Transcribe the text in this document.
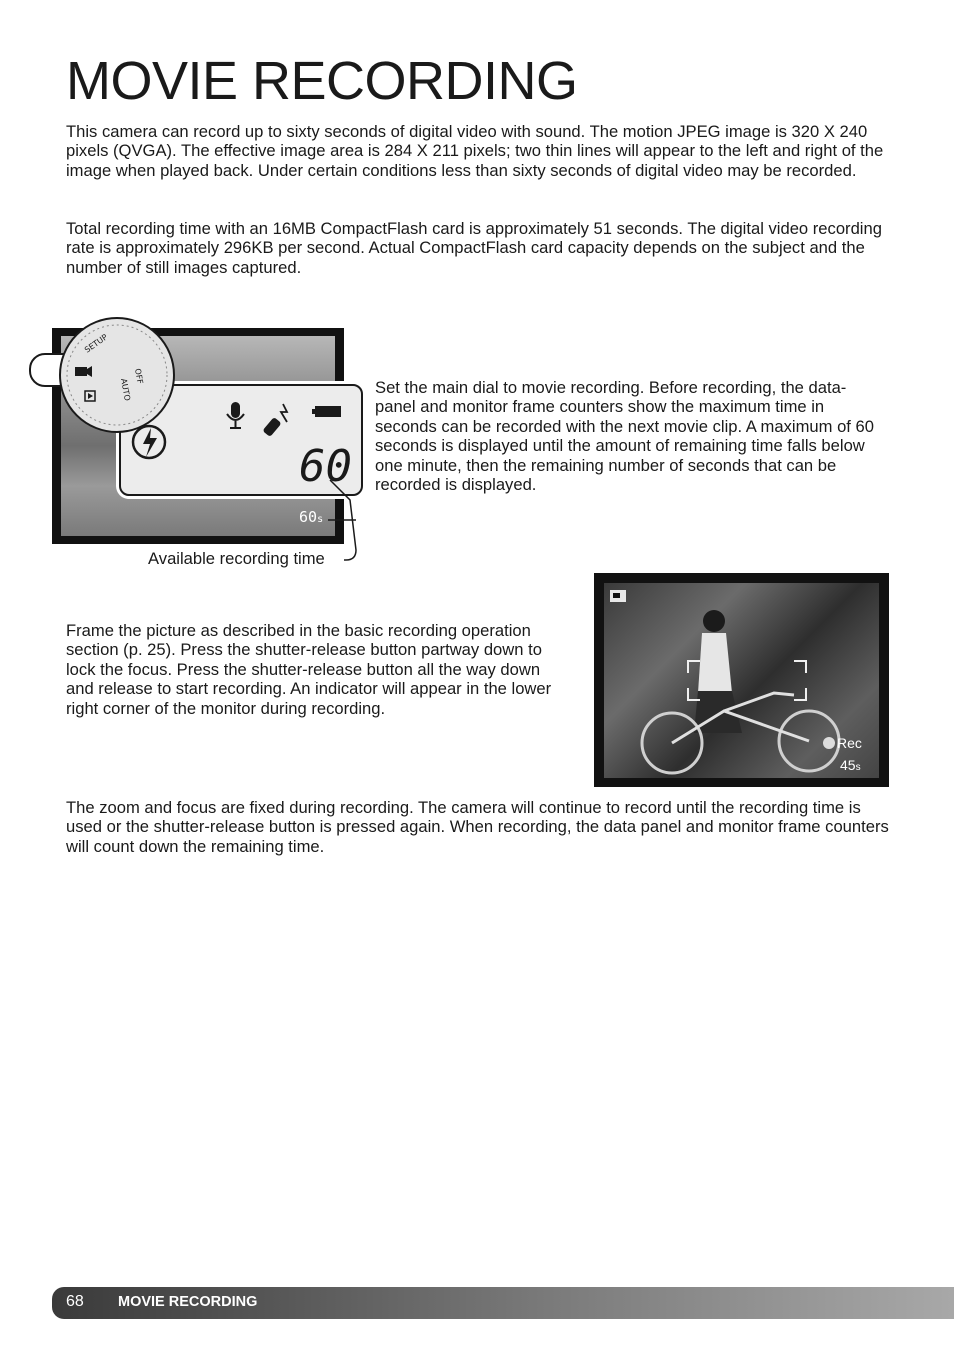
MOVIE RECORDING

This camera can record up to sixty seconds of digital video with sound. The motion JPEG image is 320 X 240 pixels (QVGA). The effective image area is 284 X 211 pixels; two thin lines will appear to the left and right of the image when played back. Under certain conditions less than sixty seconds of digital video may be recorded.

Total recording time with an 16MB CompactFlash card is approximately 51 seconds. The digital video recording rate is approximately 296KB per second. Actual CompactFlash card capacity depends on the subject and the number of still images captured.

60s
60
SETUP
OFF
AUTO
Available recording time

Set the main dial to movie recording. Before recording, the data-panel and monitor frame counters show the maximum time in seconds can be recorded with the next movie clip. A maximum of 60 seconds is displayed until the amount of remaining time falls below one minute, then the remaining number of seconds that can be recorded is displayed.

Frame the picture as described in the basic recording operation section (p. 25). Press the shutter-release button partway down to lock the focus. Press the shutter-release button all the way down and release to start recording. An indicator will appear in the lower right corner of the monitor during recording.

Rec
45s

The zoom and focus are fixed during recording. The camera will continue to record until the recording time is used or the shutter-release button is pressed again. When recording, the data panel and monitor frame counters will count down the remaining time.

68 MOVIE RECORDING
